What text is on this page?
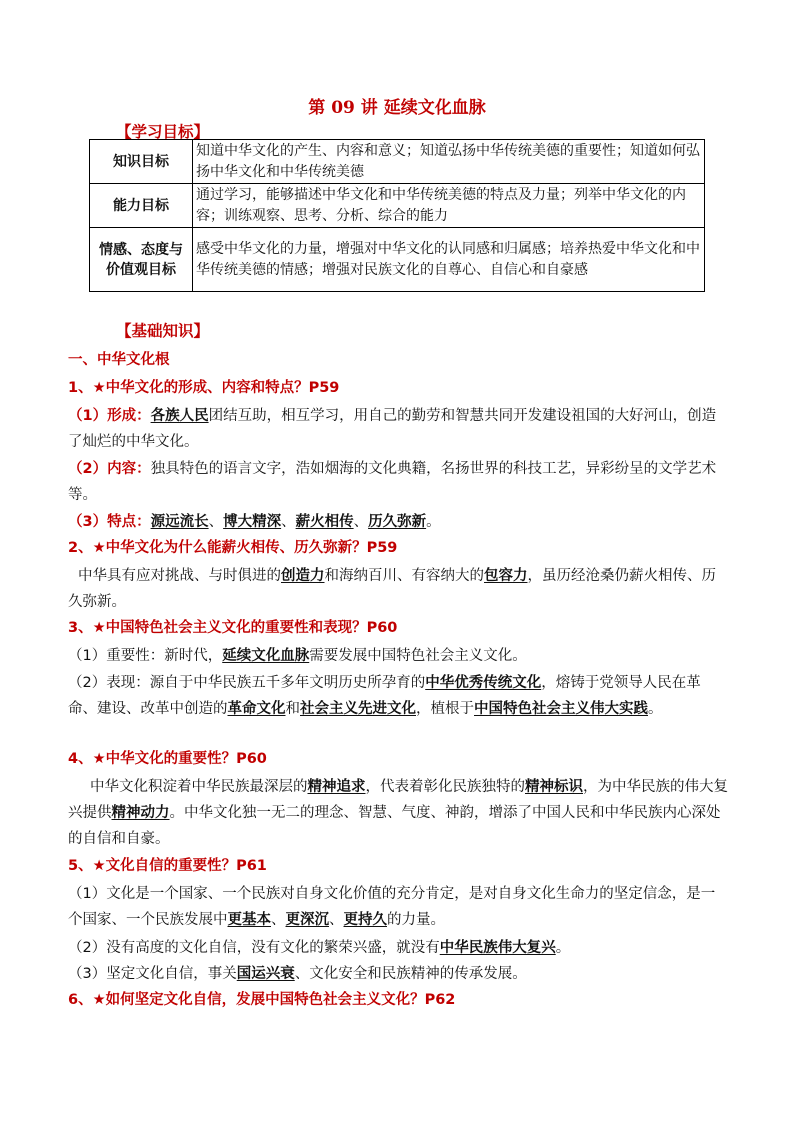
第 09 讲 延续文化血脉
【学习目标】
知识目标	知道中华文化的产生、内容和意义；知道弘扬中华传统美德的重要性；知道如何弘扬中华文化和中华传统美德
能力目标	通过学习，能够描述中华文化和中华传统美德的特点及力量；列举中华文化的内容；训练观察、思考、分析、综合的能力

情感、态度与价值观目标	感受中华文化的力量，增强对中华文化的认同感和归属感；培养热爱中华文化和中华传统美德的情感；增强对民族文化的自尊心、自信心和自豪感
【基础知识】
一、中华文化根
1、★中华文化的形成、内容和特点？P59
（1）形成：各族人民团结互助，相互学习，用自己的勤劳和智慧共同开发建设祖国的大好河山，创造了灿烂的中华文化。
（2）内容：独具特色的语言文字，浩如烟海的文化典籍，名扬世界的科技工艺，异彩纷呈的文学艺术等。
（3）特点：源远流长、博大精深、薪火相传、历久弥新。
2、★中华文化为什么能薪火相传、历久弥新？P59
中华具有应对挑战、与时俱进的创造力和海纳百川、有容纳大的包容力，虽历经沧桑仍薪火相传、历久弥新。
3、★中国特色社会主义文化的重要性和表现？P60
（1）重要性：新时代，延续文化血脉需要发展中国特色社会主义文化。
（2）表现：源自于中华民族五千多年文明历史所孕育的中华优秀传统文化，熔铸于党领导人民在革命、建设、改革中创造的革命文化和社会主义先进文化，植根于中国特色社会主义伟大实践。
4、★中华文化的重要性？P60
中华文化积淀着中华民族最深层的精神追求，代表着彰化民族独特的精神标识，为中华民族的伟大复兴提供精神动力。中华文化独一无二的理念、智慧、气度、神韵，增添了中国人民和中华民族内心深处的自信和自豪。
5、★文化自信的重要性？P61
（1）文化是一个国家、一个民族对自身文化价值的充分肯定，是对自身文化生命力的坚定信念，是一个国家、一个民族发展中更基本、更深沉、更持久的力量。
（2）没有高度的文化自信，没有文化的繁荣兴盛，就没有中华民族伟大复兴。
（3）坚定文化自信，事关国运兴衰、文化安全和民族精神的传承发展。
6、★如何坚定文化自信，发展中国特色社会主义文化？P62
